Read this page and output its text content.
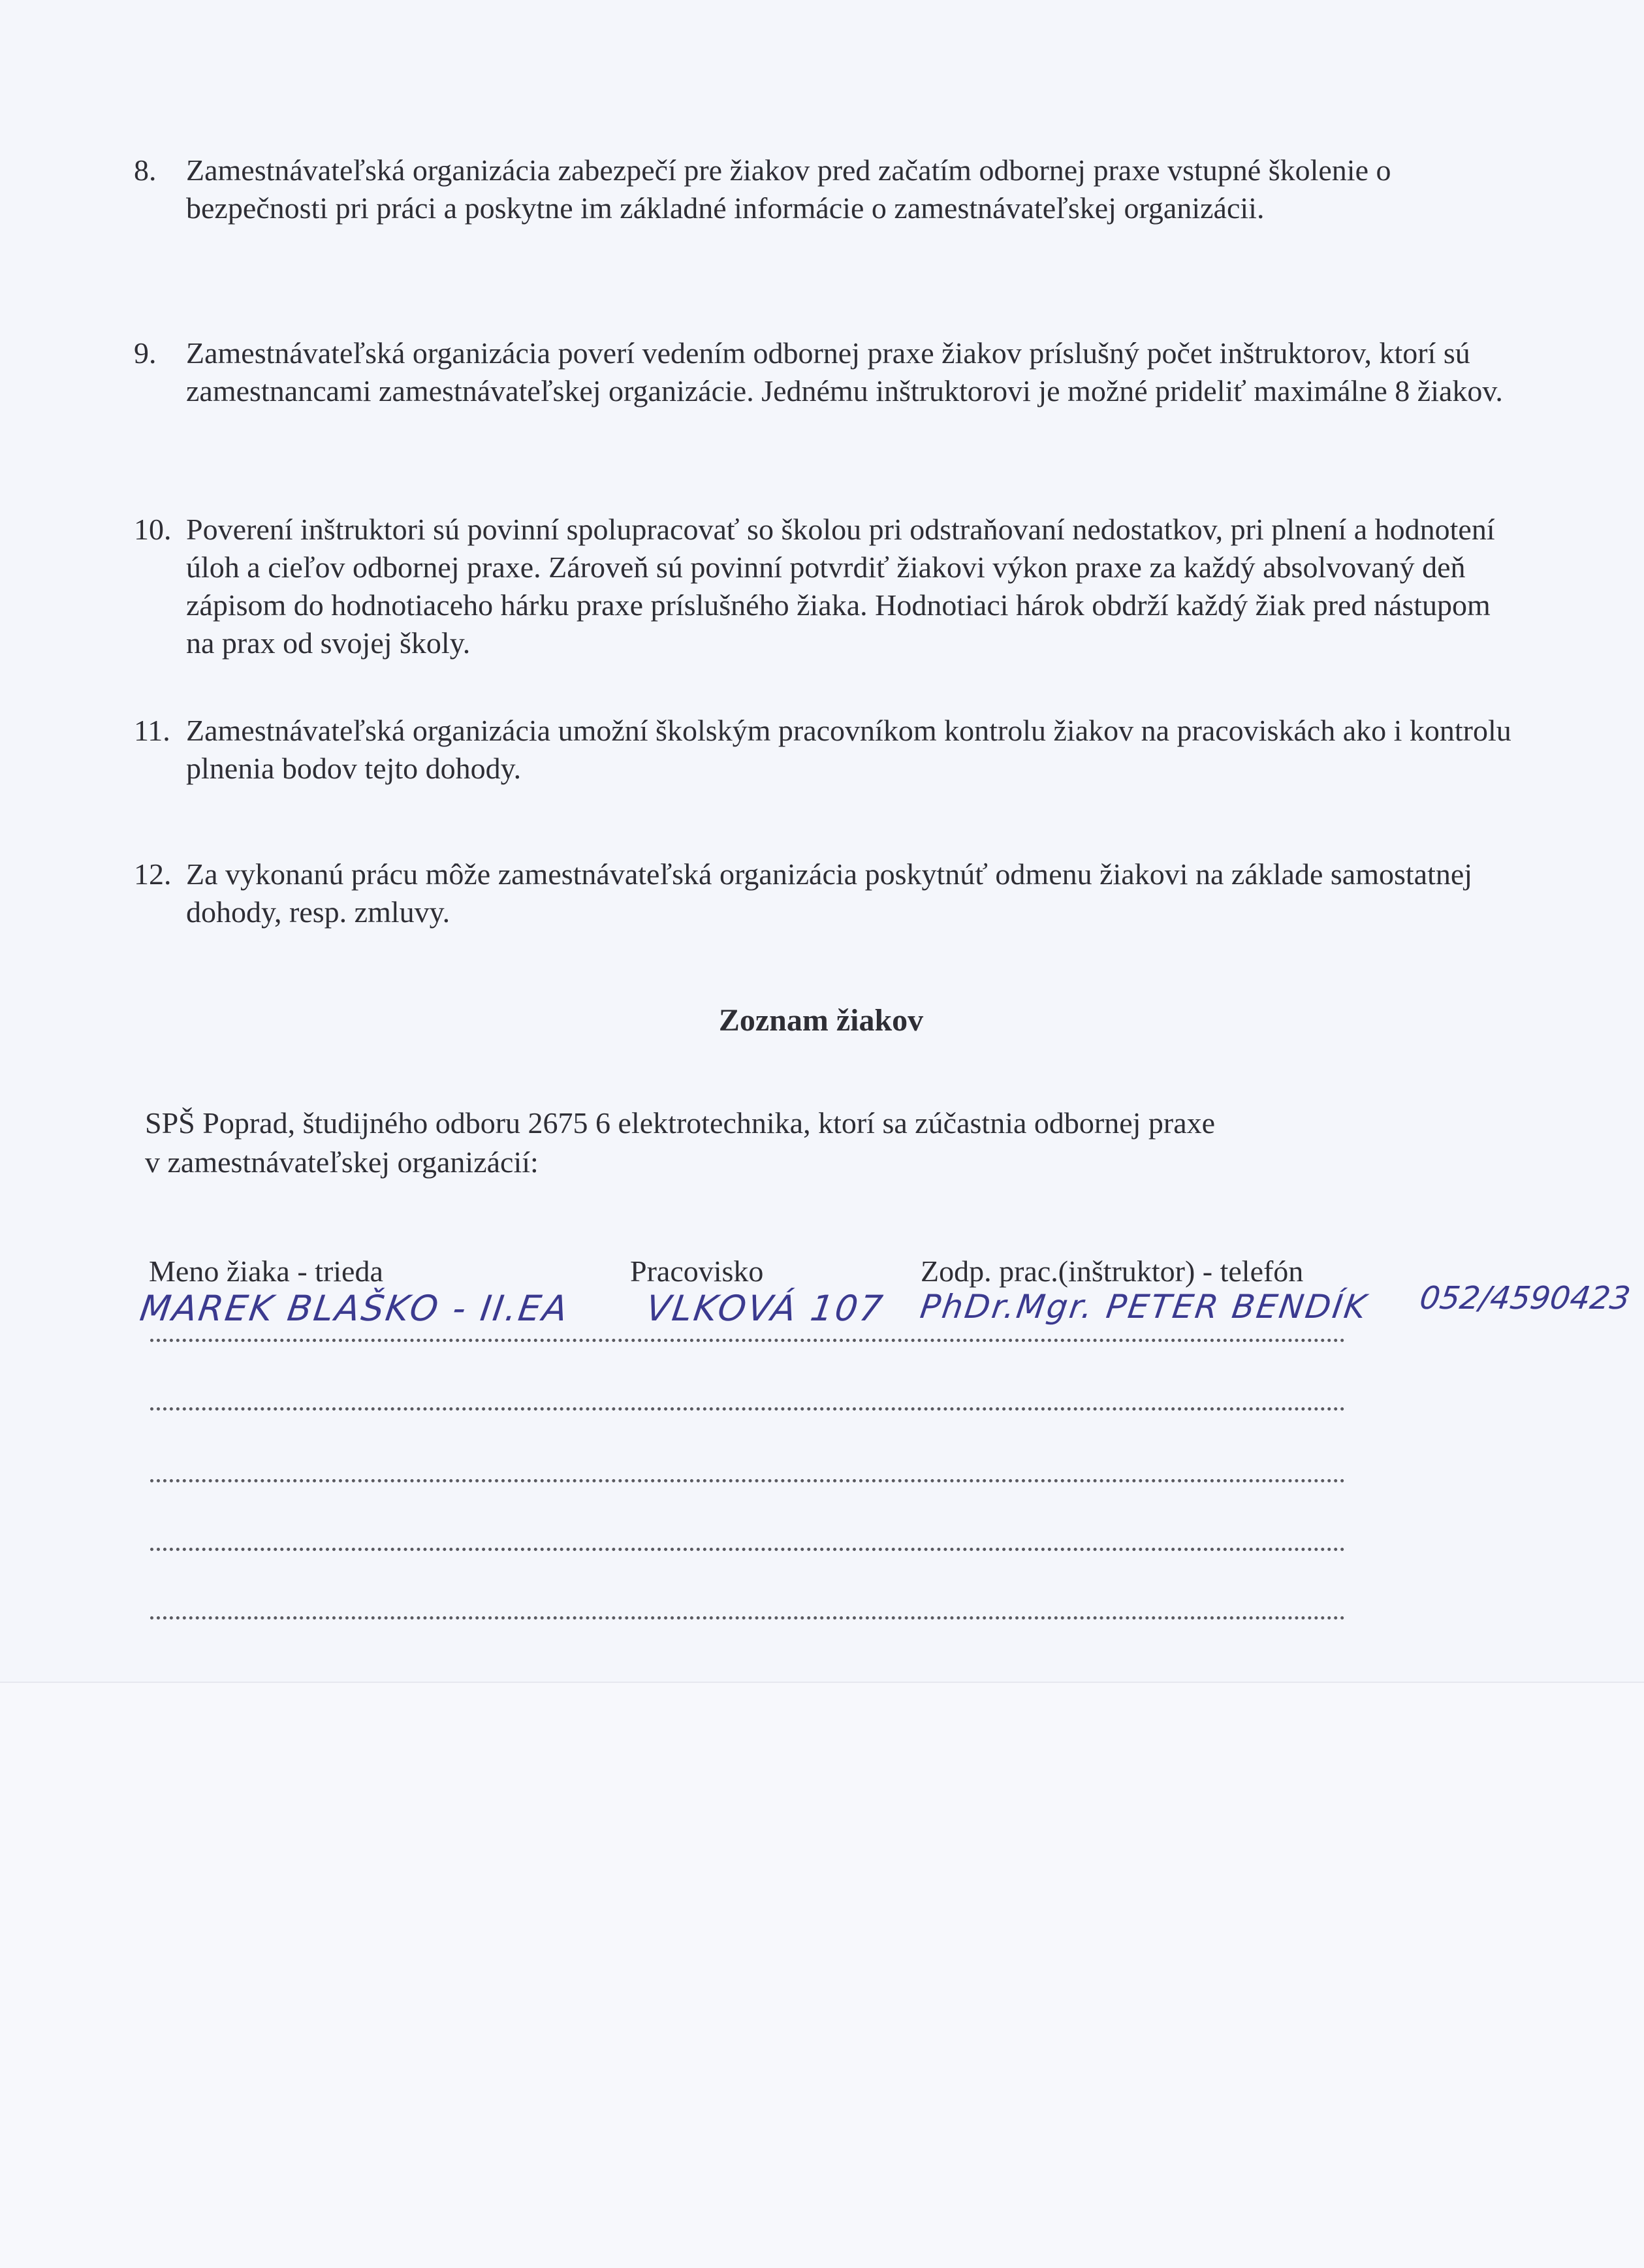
8. Zamestnávateľská organizácia zabezpečí pre žiakov pred začatím odbornej praxe vstupné školenie o bezpečnosti pri práci a poskytne im základné informácie o zamestnávateľskej organizácii.
9. Zamestnávateľská organizácia poverí vedením odbornej praxe žiakov príslušný počet inštruktorov, ktorí sú zamestnancami zamestnávateľskej organizácie. Jednému inštruktorovi je možné prideliť maximálne 8 žiakov.
10. Poverení inštruktori sú povinní spolupracovať so školou pri odstraňovaní nedostatkov, pri plnení a hodnotení úloh a cieľov odbornej praxe. Zároveň sú povinní potvrdiť žiakovi výkon praxe za každý absolvovaný deň zápisom do hodnotiaceho hárku praxe príslušného žiaka. Hodnotiaci hárok obdrží každý žiak pred nástupom na prax od svojej školy.
11. Zamestnávateľská organizácia umožní školským pracovníkom kontrolu žiakov na pracoviskách ako i kontrolu plnenia bodov tejto dohody.
12. Za vykonanú prácu môže zamestnávateľská organizácia poskytnúť odmenu žiakovi na základe samostatnej dohody, resp. zmluvy.
Zoznam žiakov
SPŠ Poprad, študijného odboru 2675 6 elektrotechnika, ktorí sa zúčastnia odbornej praxe
v zamestnávateľskej organizácií:
Meno žiaka - trieda	Pracovisko	Zodp. prac.(inštruktor) - telefón
MAREK BLAŠKO - II.EA VLKOVÁ 107 PhDr.Mgr. PETER BENDÍK 052/4590423
